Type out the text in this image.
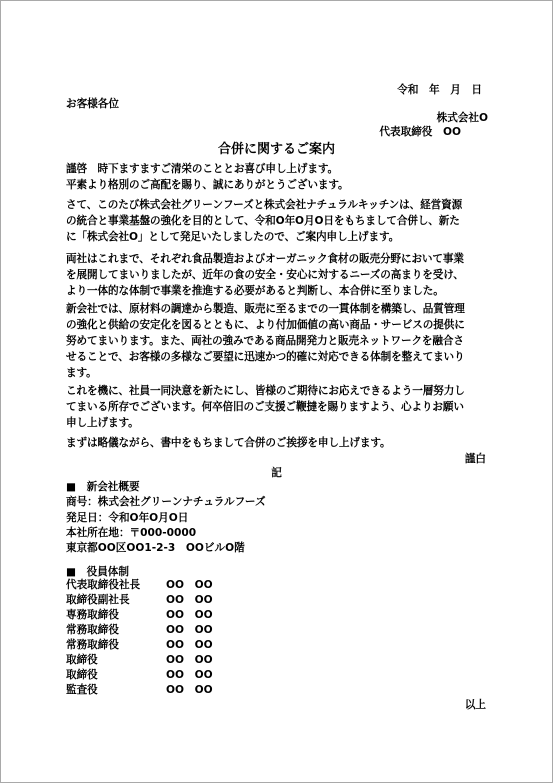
令和　年　月　日
お客様各位
株式会社O
代表取締役　OO
合併に関するご案内
謹啓　時下ますますご清栄のこととお喜び申し上げます。
平素より格別のご高配を賜り、誠にありがとうございます。
さて、このたび株式会社グリーンフーズと株式会社ナチュラルキッチンは、経営資源
の統合と事業基盤の強化を目的として、令和O年O月O日をもちまして合併し、新た
に「株式会社O」として発足いたしましたので、ご案内申し上げます。
両社はこれまで、それぞれ食品製造およびオーガニック食材の販売分野において事業
を展開してまいりましたが、近年の食の安全・安心に対するニーズの高まりを受け、
より一体的な体制で事業を推進する必要があると判断し、本合併に至りました。
新会社では、原材料の調達から製造、販売に至るまでの一貫体制を構築し、品質管理
の強化と供給の安定化を図るとともに、より付加価値の高い商品・サービスの提供に
努めてまいります。また、両社の強みである商品開発力と販売ネットワークを融合さ
せることで、お客様の多様なご要望に迅速かつ的確に対応できる体制を整えてまいり
ます。
これを機に、社員一同決意を新たにし、皆様のご期待にお応えできるよう一層努力し
てまいる所存でございます。何卒倍旧のご支援ご鞭撻を賜りますよう、心よりお願い
申し上げます。
まずは略儀ながら、書中をもちまして合併のご挨拶を申し上げます。
謹白
記
■　新会社概要
商号：株式会社グリーンナチュラルフーズ
発足日：令和O年O月O日
本社所在地：〒000-0000
東京都OO区OO1-2-3　OOビルO階
■　役員体制
代表取締役社長 OO　OO
取締役副社長	OO　OO
専務取締役	OO　OO
常務取締役	OO　OO
常務取締役	OO　OO
取締役	OO　OO
取締役	OO　OO
監査役	OO　OO
以上
